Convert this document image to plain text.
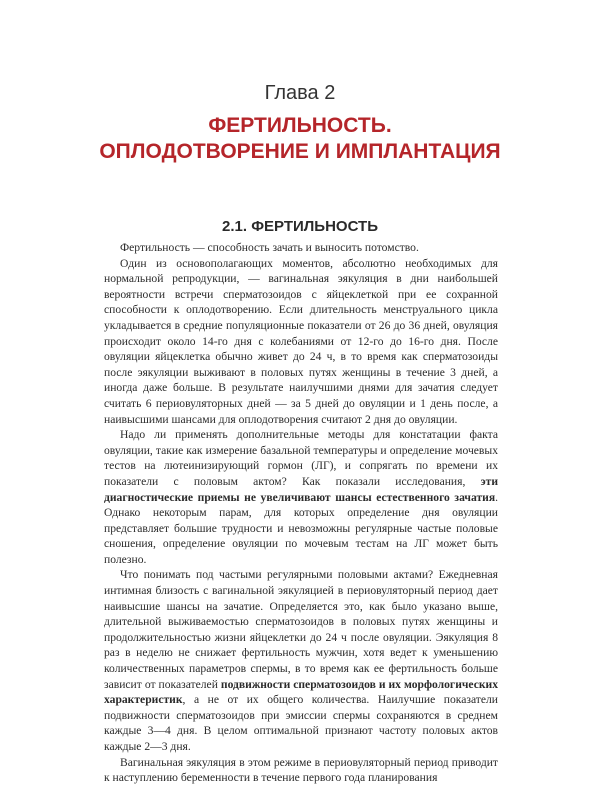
Глава 2
ФЕРТИЛЬНОСТЬ.
ОПЛОДОТВОРЕНИЕ И ИМПЛАНТАЦИЯ
2.1. ФЕРТИЛЬНОСТЬ

Фертильность — способность зачать и выносить потомство.

Один из основополагающих моментов, абсолютно необходимых для нормальной репродукции, — вагинальная эякуляция в дни наибольшей вероятности встречи сперматозоидов с яйцеклеткой при ее сохранной способности к оплодотворению. Если длительность менструального цикла укладывается в средние популяционные показатели от 26 до 36 дней, овуляция происходит около 14-го дня с колебаниями от 12-го до 16-го дня. После овуляции яйцеклетка обычно живет до 24 ч, в то время как сперматозоиды после эякуляции выживают в половых путях женщины в течение 3 дней, а иногда даже больше. В результате наилучшими днями для зачатия следует считать 6 периовуляторных дней — за 5 дней до овуляции и 1 день после, а наивысшими шансами для оплодотворения считают 2 дня до овуляции.

Надо ли применять дополнительные методы для констатации факта овуляции, такие как измерение базальной температуры и определение мочевых тестов на лютеинизирующий гормон (ЛГ), и сопрягать по времени их показатели с половым актом? Как показали исследования, эти диагностические приемы не увеличивают шансы естественного зачатия. Однако некоторым парам, для которых определение дня овуляции представляет большие трудности и невозможны регулярные частые половые сношения, определение овуляции по мочевым тестам на ЛГ может быть полезно.

Что понимать под частыми регулярными половыми актами? Ежедневная интимная близость с вагинальной эякуляцией в периовуляторный период дает наивысшие шансы на зачатие. Определяется это, как было указано выше, длительной выживаемостью сперматозоидов в половых путях женщины и продолжительностью жизни яйцеклетки до 24 ч после овуляции. Эякуляция 8 раз в неделю не снижает фертильность мужчин, хотя ведет к уменьшению количественных параметров спермы, в то время как ее фертильность больше зависит от показателей подвижности сперматозоидов и их морфологических характеристик, а не от их общего количества. Наилучшие показатели подвижности сперматозоидов при эмиссии спермы сохраняются в среднем каждые 3—4 дня. В целом оптимальной признают частоту половых актов каждые 2—3 дня.

Вагинальная эякуляция в этом режиме в периовуляторный период приводит к наступлению беременности в течение первого года планирования
